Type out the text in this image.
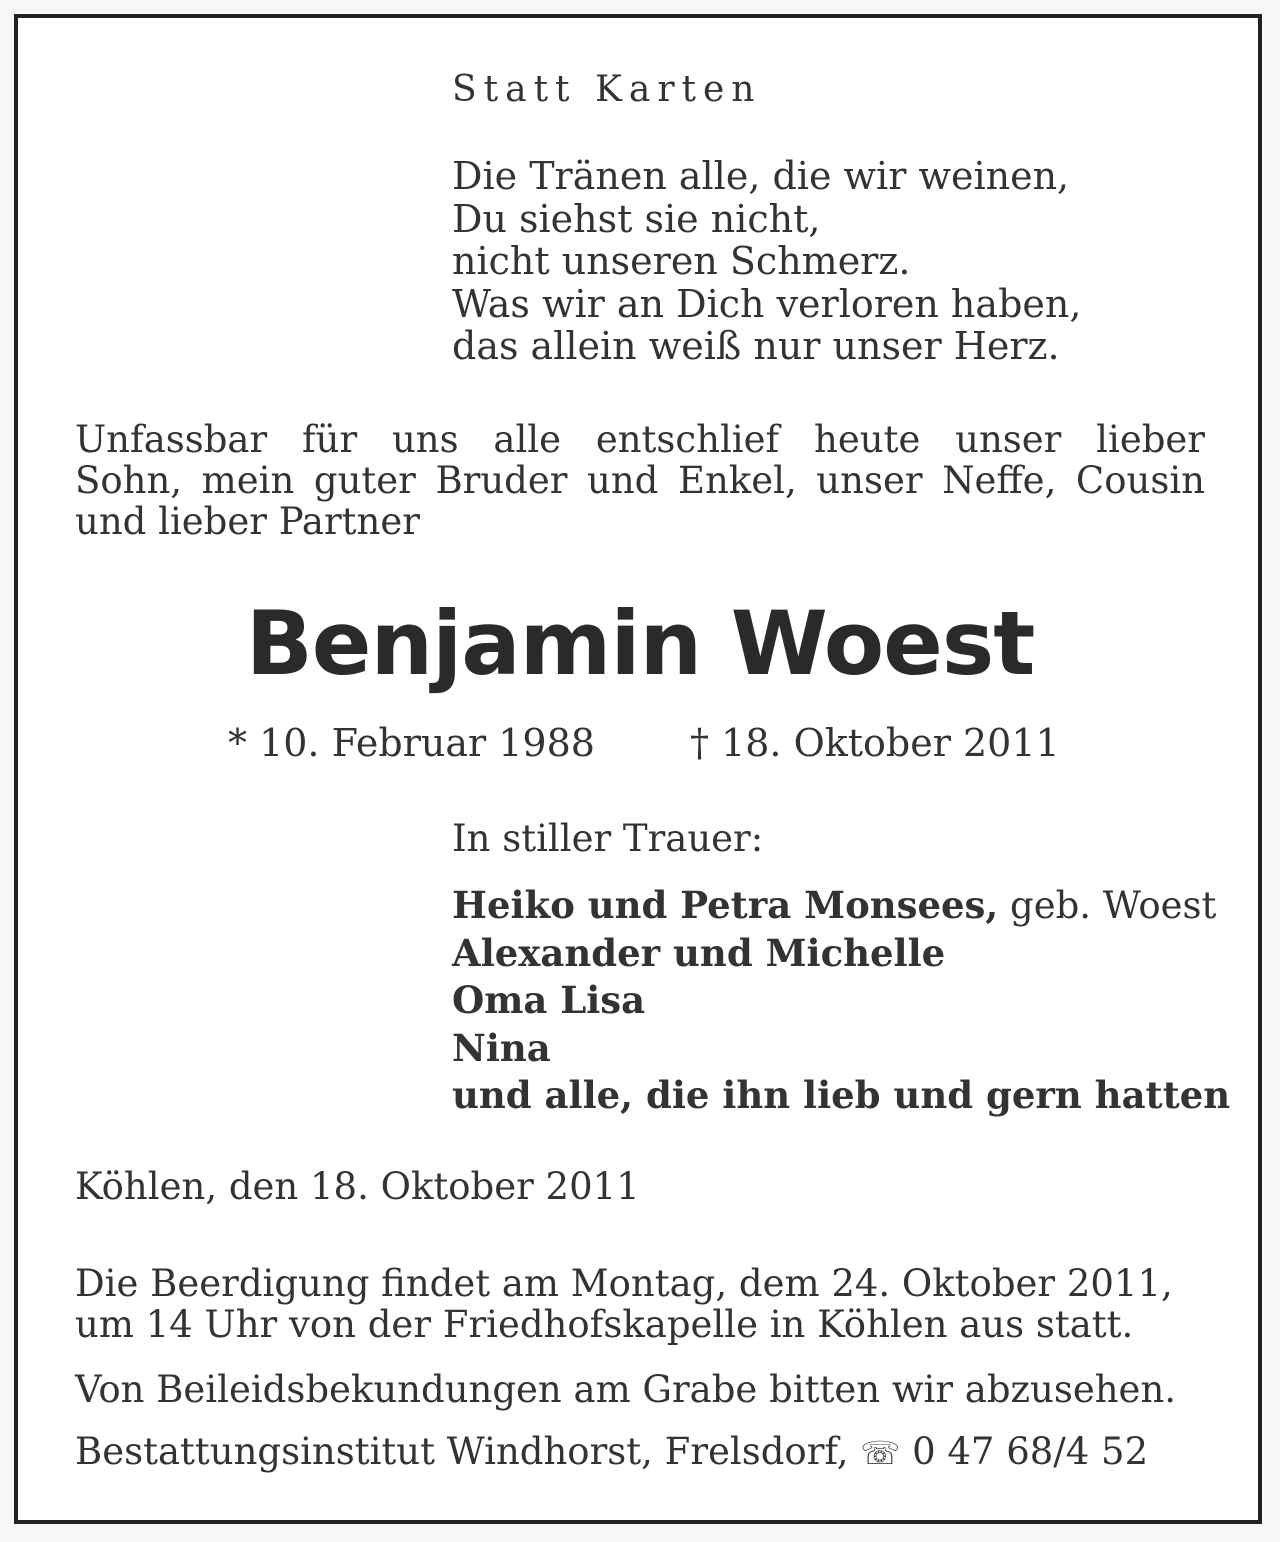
Statt Karten
Die Tränen alle, die wir weinen,
Du siehst sie nicht,
nicht unseren Schmerz.
Was wir an Dich verloren haben,
das allein weiß nur unser Herz.
Unfassbar für uns alle entschlief heute unser lieber
Sohn, mein guter Bruder und Enkel, unser Neffe, Cousin
und lieber Partner
Benjamin Woest
* 10. Februar 1988	† 18. Oktober 2011
In stiller Trauer:
Heiko und Petra Monsees, geb. Woest
Alexander und Michelle
Oma Lisa
Nina
und alle, die ihn lieb und gern hatten
Köhlen, den 18. Oktober 2011
Die Beerdigung findet am Montag, dem 24. Oktober 2011,
um 14 Uhr von der Friedhofskapelle in Köhlen aus statt.
Von Beileidsbekundungen am Grabe bitten wir abzusehen.
Bestattungsinstitut Windhorst, Frelsdorf, ☏ 0 47 68/4 52
